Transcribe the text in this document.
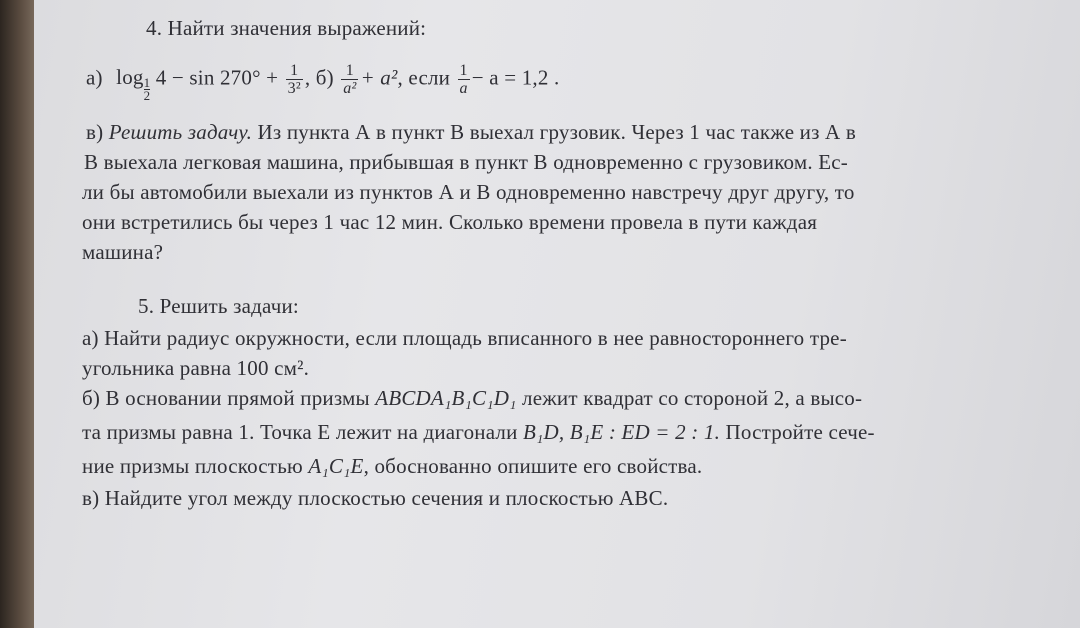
4. Найти значения выражений:
а) $\log \frac{1}{2} 4 - \sin 270^\circ + \frac{1}{\text{3²}}$ , $б) \frac{1}{\text{a²}} + a^2$, если $\frac{1}{a} - a = 1,2$ .
в) Решить задачу. Из пункта А в пункт В выехал грузовик. Через 1 час также из А в
В выехала легковая машина, прибывшая в пункт В одновременно с грузовиком. Ес-
ли бы автомобили выехали из пунктов А и В одновременно навстречу друг другу, то
они встретились бы через 1 час 12 мин. Сколько времени провела в пути каждая
машина?
5. Решить задачи:
а) Найти радиус окружности, если площадь вписанного в нее равностороннего тре-
угольника равна 100 см².
б) В основании прямой призмы ABCDA₁B₁C₁D₁ лежит квадрат со стороной 2, а высо-
та призмы равна 1. Точка Е лежит на диагонали B₁D, B₁E : ED = 2 : 1. Постройте сече-
ние призмы плоскостью A₁C₁E, обоснованно опишите его свойства.
в) Найдите угол между плоскостью сечения и плоскостью АВС.
